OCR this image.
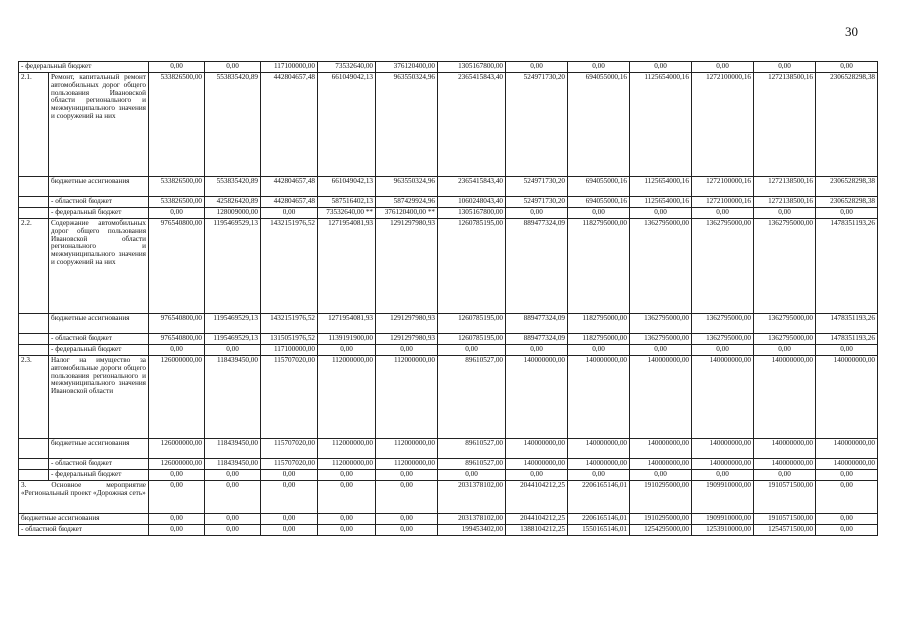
30
- федеральный бюджет		0,00	0,00	117100000,00	73532640,00	376120400,00	1305167800,00	0,00	0,00	0,00	0,00	0,00	0,00
2.1.	Ремонт, капитальный ремонт автомобильных дорог общего пользования Ивановской области регионального и межмуниципального значения и сооружений на них	533826500,00	553835420,89	442804657,48	661049042,13	963550324,96	2365415843,40	524971730,20	694055000,16	1125654000,16	1272100000,16	1272138500,16	2306528298,38
	бюджетные ассигнования	533826500,00	553835420,89	442804657,48	661049042,13	963550324,96	2365415843,40	524971730,20	694055000,16	1125654000,16	1272100000,16	1272138500,16	2306528298,38
	- областной бюджет	533826500,00	425826420,89	442804657,48	587516402,13	587429924,96	1060248043,40	524971730,20	694055000,16	1125654000,16	1272100000,16	1272138500,16	2306528298,38
	- федеральный бюджет	0,00	128009000,00	0,00	73532640,00 **	376120400,00 **	1305167800,00	0,00	0,00	0,00	0,00	0,00	0,00
2.2.	Содержание автомобильных дорог общего пользования Ивановской области регионального и межмуниципального значения и сооружений на них	976540800,00	1195469529,13	1432151976,52	1271954081,93	1291297980,93	1260785195,00	889477324,09	1182795000,00	1362795000,00	1362795000,00	1362795000,00	1478351193,26
	бюджетные ассигнования	976540800,00	1195469529,13	1432151976,52	1271954081,93	1291297980,93	1260785195,00	889477324,09	1182795000,00	1362795000,00	1362795000,00	1362795000,00	1478351193,26
	- областной бюджет	976540800,00	1195469529,13	1315051976,52	1139191900,00	1291297980,93	1260785195,00	889477324,09	1182795000,00	1362795000,00	1362795000,00	1362795000,00	1478351193,26
	- федеральный бюджет	0,00	0,00	117100000,00	0,00	0,00	0,00	0,00	0,00	0,00	0,00	0,00	0,00
2.3.	Налог на имущество за автомобильные дороги общего пользования регионального и межмуниципального значения Ивановской области	126000000,00	118439450,00	115707020,00	112000000,00	112000000,00	89610527,00	140000000,00	140000000,00	140000000,00	140000000,00	140000000,00	140000000,00
	бюджетные ассигнования	126000000,00	118439450,00	115707020,00	112000000,00	112000000,00	89610527,00	140000000,00	140000000,00	140000000,00	140000000,00	140000000,00	140000000,00
	- областной бюджет	126000000,00	118439450,00	115707020,00	112000000,00	112000000,00	89610527,00	140000000,00	140000000,00	140000000,00	140000000,00	140000000,00	140000000,00
	- федеральный бюджет	0,00	0,00	0,00	0,00	0,00	0,00	0,00	0,00	0,00	0,00	0,00	0,00
3. Основное мероприятие «Региональный проект «Дорожная сеть»		0,00	0,00	0,00	0,00	0,00	2031378102,00	2044104212,25	2206165146,01	1910295000,00	1909910000,00	1910571500,00	0,00
бюджетные ассигнования		0,00	0,00	0,00	0,00	0,00	2031378102,00	2044104212,25	2206165146,01	1910295000,00	1909910000,00	1910571500,00	0,00
- областной бюджет		0,00	0,00	0,00	0,00	0,00	199453402,00	1388104212,25	1550165146,01	1254295000,00	1253910000,00	1254571500,00	0,00
